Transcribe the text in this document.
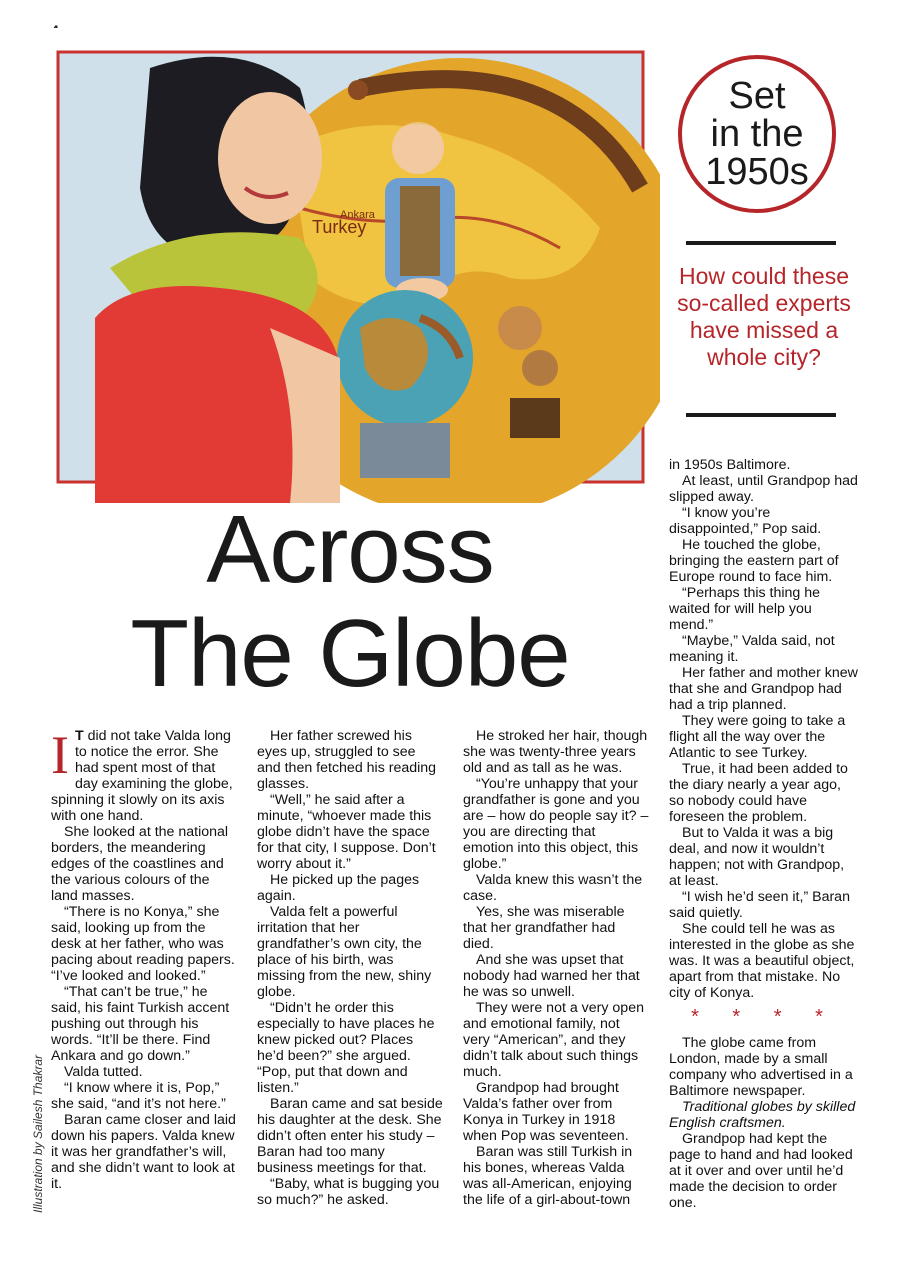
Turkey
Ankara
Set
in the
1950s
How could these so-called experts have missed a whole city?
Across
The Globe

I T did not take Valda long to notice the error. She had spent most of that day examining the globe, spinning it slowly on its axis with one hand.

She looked at the national borders, the meandering edges of the coastlines and the various colours of the land masses.

“There is no Konya,” she said, looking up from the desk at her father, who was pacing about reading papers. “I’ve looked and looked.”

“That can’t be true,” he said, his faint Turkish accent pushing out through his words. “It’ll be there. Find Ankara and go down.”

Valda tutted.

“I know where it is, Pop,” she said, “and it’s not here.”

Baran came closer and laid down his papers. Valda knew it was her grandfather’s will, and she didn’t want to look at it.

Her father screwed his eyes up, struggled to see and then fetched his reading glasses.

“Well,” he said after a minute, “whoever made this globe didn’t have the space for that city, I suppose. Don’t worry about it.”

He picked up the pages again.

Valda felt a powerful irritation that her grandfather’s own city, the place of his birth, was missing from the new, shiny globe.

“Didn’t he order this especially to have places he knew picked out? Places he’d been?” she argued. “Pop, put that down and listen.”

Baran came and sat beside his daughter at the desk. She didn’t often enter his study – Baran had too many business meetings for that.

“Baby, what is bugging you so much?” he asked.

He stroked her hair, though she was twenty-three years old and as tall as he was.

“You’re unhappy that your grandfather is gone and you are – how do people say it? – you are directing that emotion into this object, this globe.”

Valda knew this wasn’t the case.

Yes, she was miserable that her grandfather had died.

And she was upset that nobody had warned her that he was so unwell.

They were not a very open and emotional family, not very “American”, and they didn’t talk about such things much.

Grandpop had brought Valda’s father over from Konya in Turkey in 1918 when Pop was seventeen.

Baran was still Turkish in his bones, whereas Valda was all-American, enjoying the life of a girl-about-town

in 1950s Baltimore.

At least, until Grandpop had slipped away.

“I know you’re disappointed,” Pop said.

He touched the globe, bringing the eastern part of Europe round to face him.

“Perhaps this thing he waited for will help you mend.”

“Maybe,” Valda said, not meaning it.

Her father and mother knew that she and Grandpop had had a trip planned.

They were going to take a flight all the way over the Atlantic to see Turkey.

True, it had been added to the diary nearly a year ago, so nobody could have foreseen the problem.

But to Valda it was a big deal, and now it wouldn’t happen; not with Grandpop, at least.

“I wish he’d seen it,” Baran said quietly.

She could tell he was as interested in the globe as she was. It was a beautiful object, apart from that mistake. No city of Konya.

* * * *

The globe came from London, made by a small company who advertised in a Baltimore newspaper.

Traditional globes by skilled English craftsmen.

Grandpop had kept the page to hand and had looked at it over and over until he’d made the decision to order one.

Illustration by Sailesh Thakrar
